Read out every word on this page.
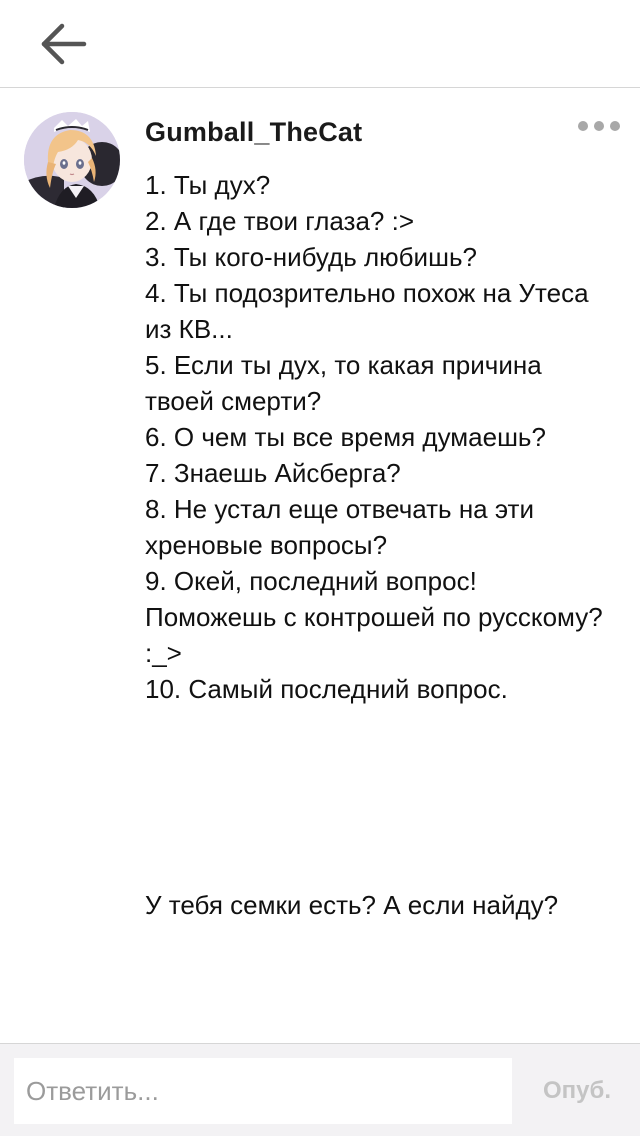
Gumball_TheCat

1. Ты дух?

2. А где твои глаза? :>

3. Ты кого-нибудь любишь?

4. Ты подозрительно похож на Утеса из КВ...

5. Если ты дух, то какая причина твоей смерти?

6. О чем ты все время думаешь?

7. Знаешь Айсберга?

8. Не устал еще отвечать на эти хреновые вопросы?

9. Окей, последний вопрос! Поможешь с контрошей по русскому? :_>

10. Самый последний вопрос.

У тебя семки есть? А если найду?
Ответить...
Опуб.
